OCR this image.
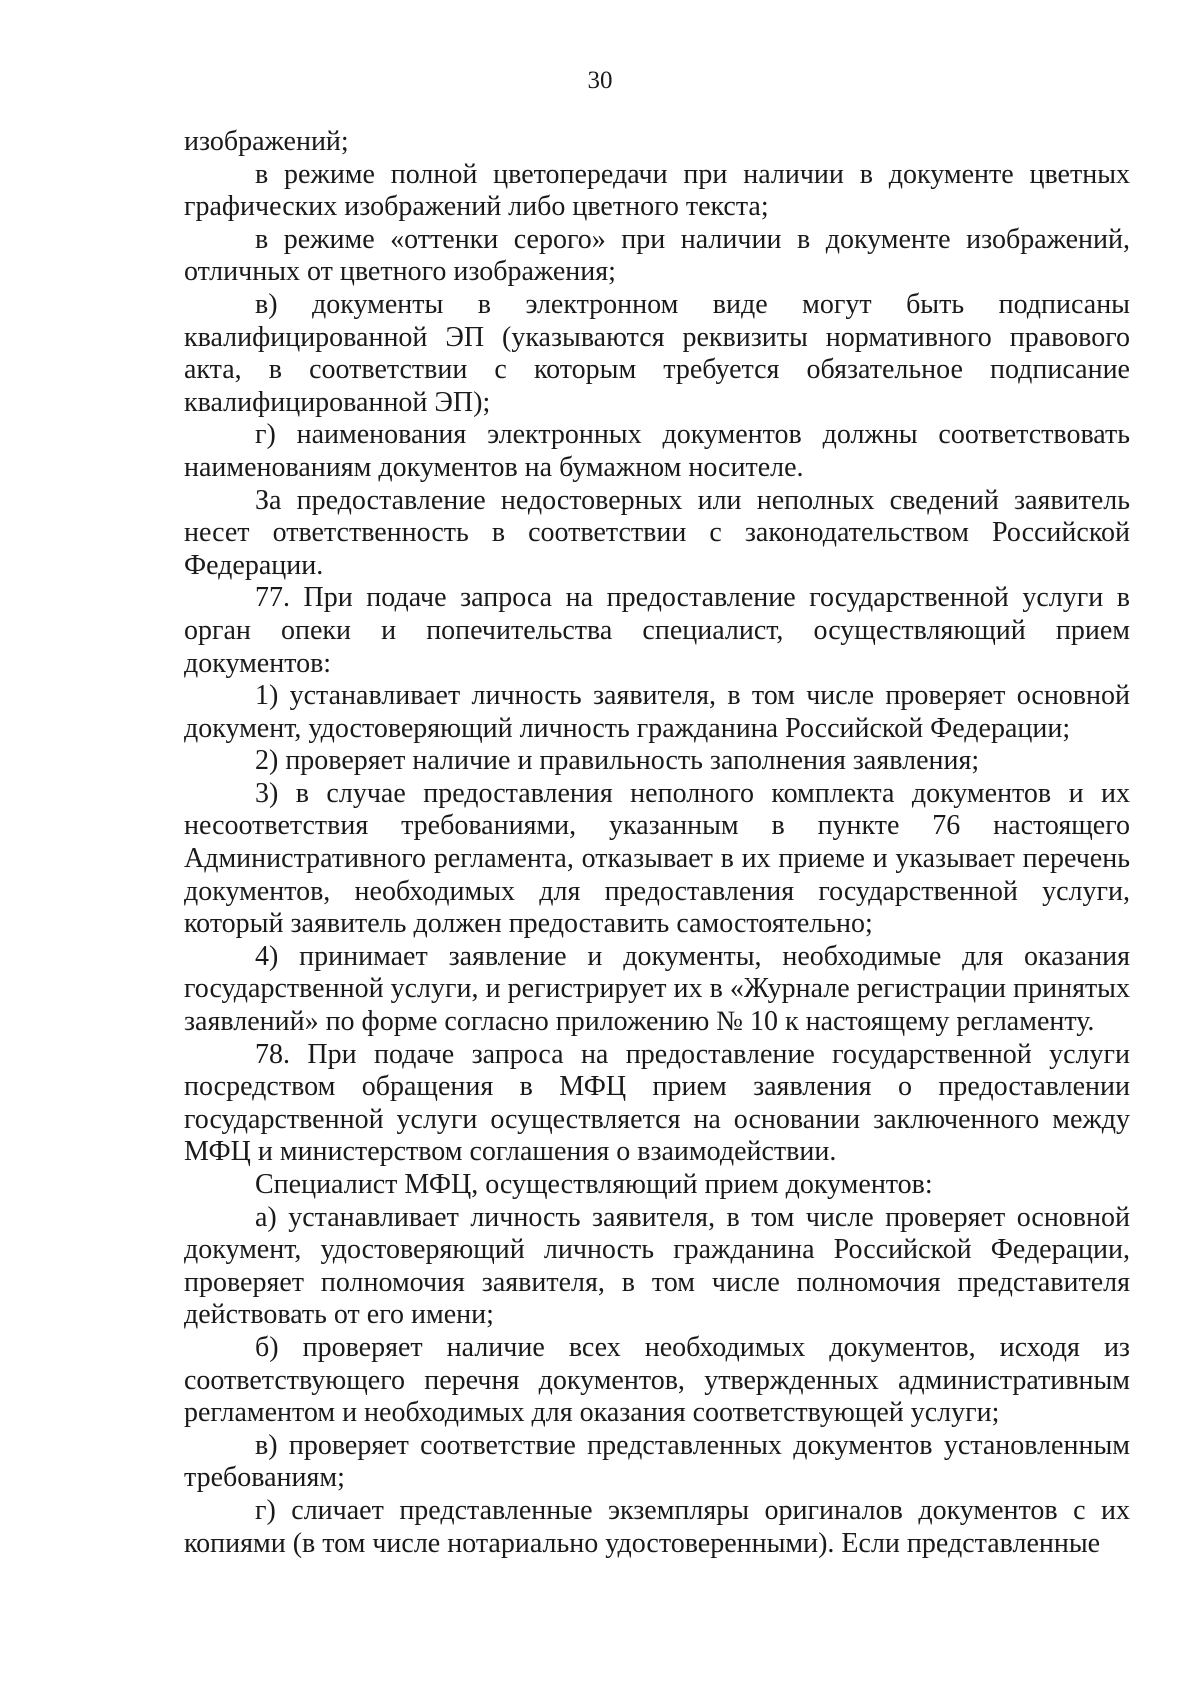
30

изображений;

в режиме полной цветопередачи при наличии в документе цветных графических изображений либо цветного текста;

в режиме «оттенки серого» при наличии в документе изображений, отличных от цветного изображения;

в) документы в электронном виде могут быть подписаны квалифицированной ЭП (указываются реквизиты нормативного правового акта, в соответствии с которым требуется обязательное подписание квалифицированной ЭП);

г) наименования электронных документов должны соответствовать наименованиям документов на бумажном носителе.

За предоставление недостоверных или неполных сведений заявитель несет ответственность в соответствии с законодательством Российской Федерации.

77. При подаче запроса на предоставление государственной услуги в орган опеки и попечительства специалист, осуществляющий прием документов:

1) устанавливает личность заявителя, в том числе проверяет основной документ, удостоверяющий личность гражданина Российской Федерации;

2) проверяет наличие и правильность заполнения заявления;

3) в случае предоставления неполного комплекта документов и их несоответствия требованиями, указанным в пункте 76 настоящего Административного регламента, отказывает в их приеме и указывает перечень документов, необходимых для предоставления государственной услуги, который заявитель должен предоставить самостоятельно;

4) принимает заявление и документы, необходимые для оказания государственной услуги, и регистрирует их в «Журнале регистрации принятых заявлений» по форме согласно приложению № 10 к настоящему регламенту.

78. При подаче запроса на предоставление государственной услуги посредством обращения в МФЦ прием заявления о предоставлении государственной услуги осуществляется на основании заключенного между МФЦ и министерством соглашения о взаимодействии.

Специалист МФЦ, осуществляющий прием документов:

а) устанавливает личность заявителя, в том числе проверяет основной документ, удостоверяющий личность гражданина Российской Федерации, проверяет полномочия заявителя, в том числе полномочия представителя действовать от его имени;

б) проверяет наличие всех необходимых документов, исходя из соответствующего перечня документов, утвержденных административным регламентом и необходимых для оказания соответствующей услуги;

в) проверяет соответствие представленных документов установленным требованиям;

г) сличает представленные экземпляры оригиналов документов с их копиями (в том числе нотариально удостоверенными). Если представленные
